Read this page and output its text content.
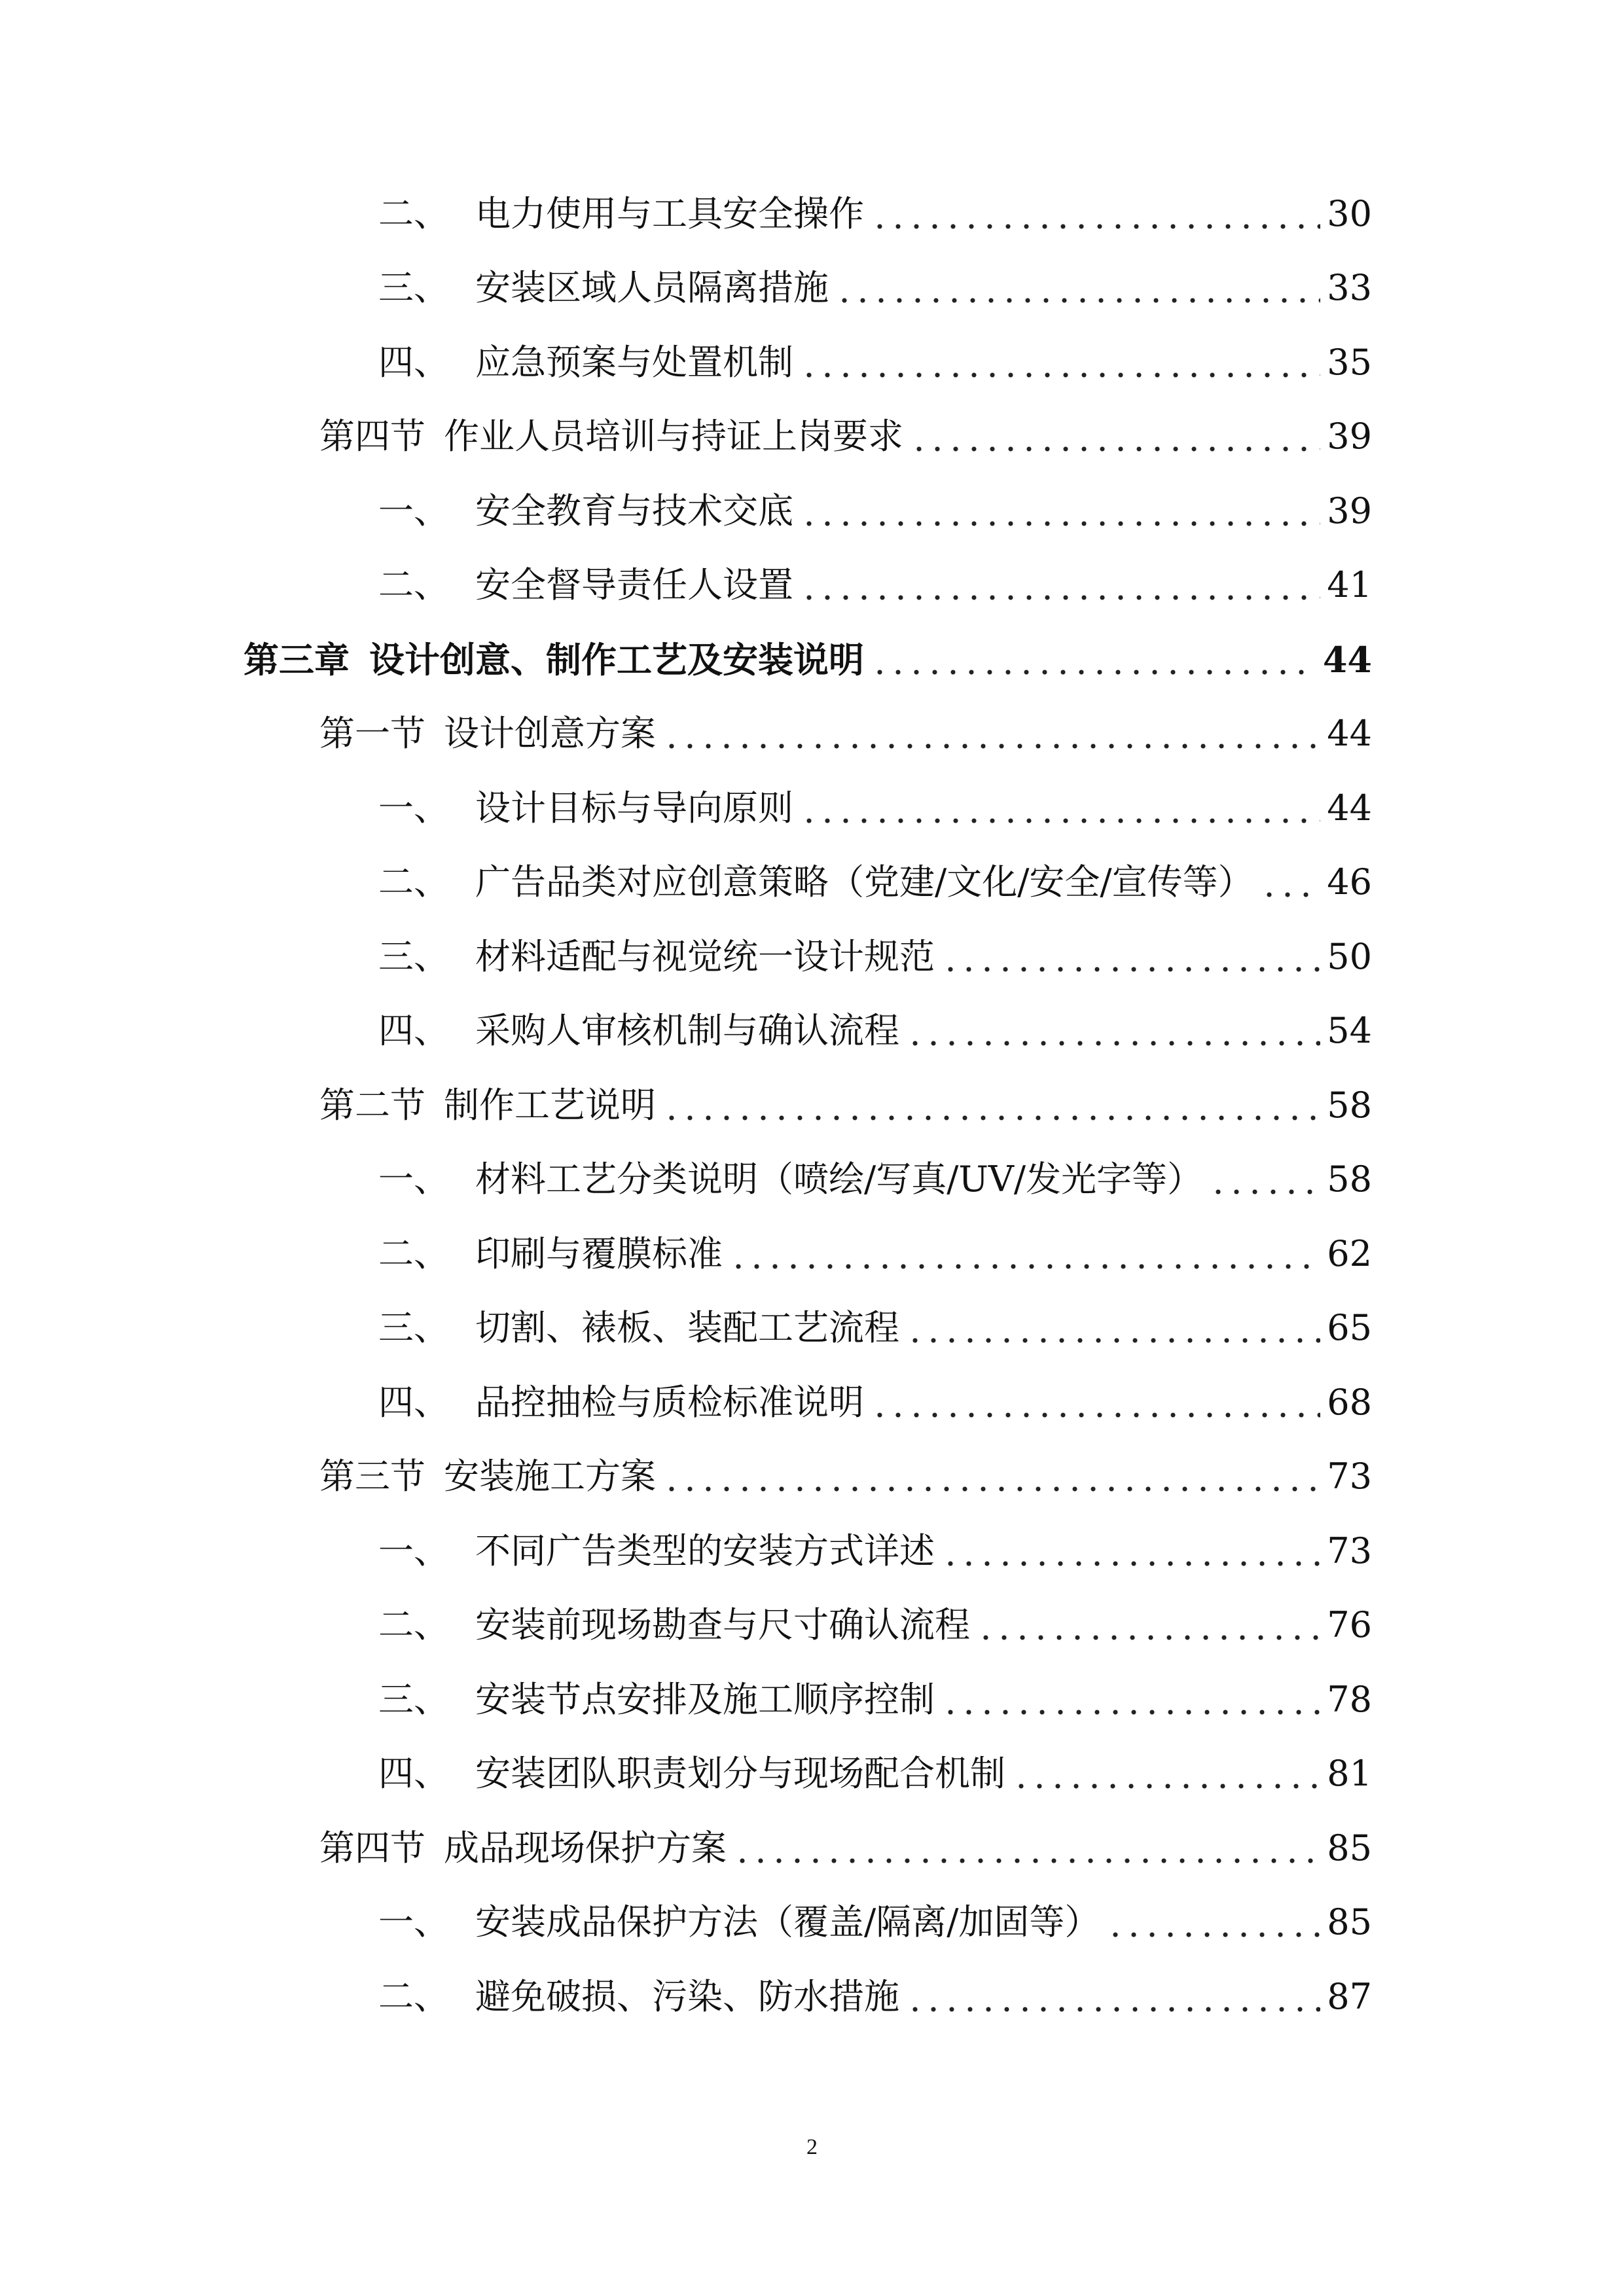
二、 电力使用与工具安全操作	30
三、 安装区域人员隔离措施	33
四、 应急预案与处置机制	35
第四节 作业人员培训与持证上岗要求	39
一、 安全教育与技术交底	39
二、 安全督导责任人设置	41
第三章 设计创意、制作工艺及安装说明	44
第一节 设计创意方案	44
一、 设计目标与导向原则	44
二、 广告品类对应创意策略（党建/文化/安全/宣传等） 46
三、 材料适配与视觉统一设计规范	50
四、 采购人审核机制与确认流程	54
第二节 制作工艺说明	58
一、 材料工艺分类说明（喷绘/写真/UV/发光字等）	58
二、 印刷与覆膜标准	62
三、 切割、裱板、装配工艺流程	65
四、 品控抽检与质检标准说明	68
第三节 安装施工方案	73
一、 不同广告类型的安装方式详述	73
二、 安装前现场勘查与尺寸确认流程	76
三、 安装节点安排及施工顺序控制	78
四、 安装团队职责划分与现场配合机制	81
第四节 成品现场保护方案	85
一、 安装成品保护方法（覆盖/隔离/加固等）	85
二、 避免破损、污染、防水措施	87
2
